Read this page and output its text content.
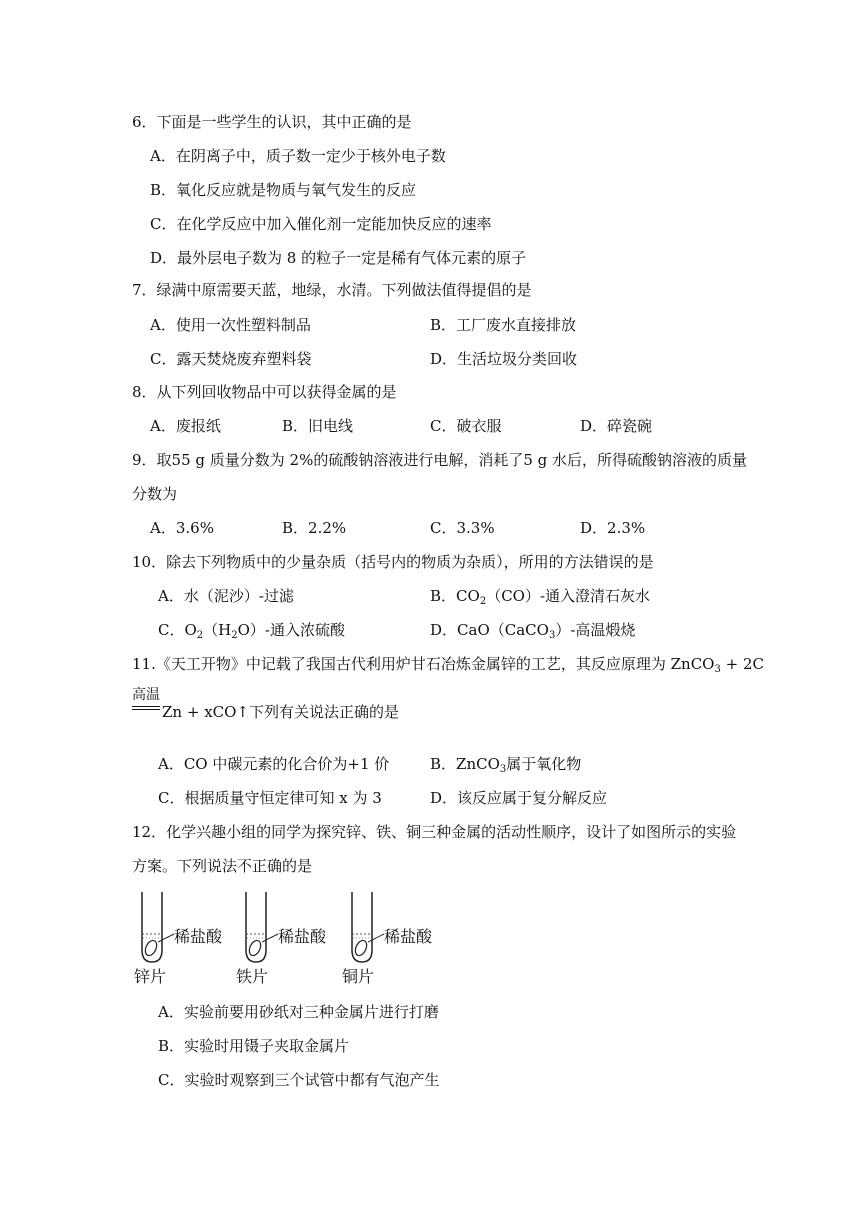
6．下面是一些学生的认识，其中正确的是
A．在阴离子中，质子数一定少于核外电子数
B．氧化反应就是物质与氧气发生的反应
C．在化学反应中加入催化剂一定能加快反应的速率
D．最外层电子数为 8 的粒子一定是稀有气体元素的原子
7．绿满中原需要天蓝，地绿，水清。下列做法值得提倡的是
A．使用一次性塑料制品	B．工厂废水直接排放
C．露天焚烧废弃塑料袋	D．生活垃圾分类回收
8．从下列回收物品中可以获得金属的是
A．废报纸	B．旧电线	C．破衣服	D．碎瓷碗
9．取55 g 质量分数为 2%的硫酸钠溶液进行电解，消耗了5 g 水后，所得硫酸钠溶液的质量
分数为
A．3.6%	B．2.2%	C．3.3%	D．2.3%
10．除去下列物质中的少量杂质（括号内的物质为杂质），所用的方法错误的是
A．水（泥沙）-过滤	B．$CO_2(CO)-$通入澄清石灰水
C．$O_2(H_2O)-$通入浓硫酸	D．CaO（CaCO$_3$）-高温煅烧
11.《天工开物》中记载了我国古代利用炉甘石冶炼金属锌的工艺，其反应原理为 ZnCO$_3$ + 2C
高温
Zn + xCO↑下列有关说法正确的是
A．CO 中碳元素的化合价为+1 价	B．ZnCO$_3$属于氧化物
C．根据质量守恒定律可知 x 为 3	D．该反应属于复分解反应
12．化学兴趣小组的同学为探究锌、铁、铜三种金属的活动性顺序，设计了如图所示的实验
方案。下列说法不正确的是
稀盐酸
锌片
稀盐酸
铁片
稀盐酸
铜片
A．实验前要用砂纸对三种金属片进行打磨
B．实验时用镊子夹取金属片
C．实验时观察到三个试管中都有气泡产生
